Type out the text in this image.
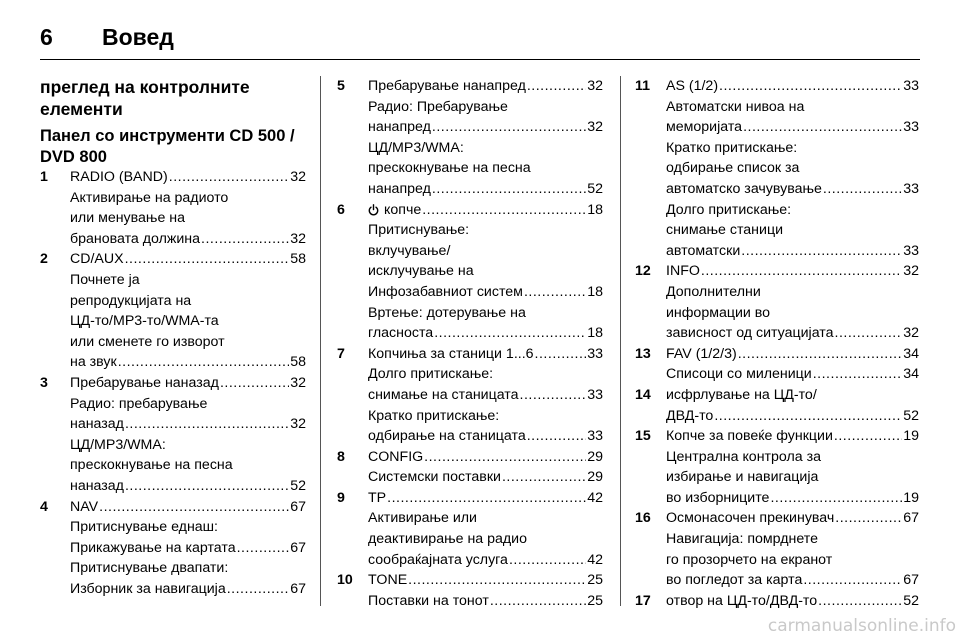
6 Вовед
преглед на контролните
елементи
Панел со инструменти CD 500 /
DVD 800
1	RADIO (BAND) .....	32
Активирање на радиото
или менување на
брановата должина .....	32
2	CD/AUX .....	58
Почнете ја
репродукцијата на
ЦД-то/MP3-то/WMA-та
или сменете го изворот
на звук .....	58
3	Пребарување наназад .....	32
Радио: пребарување
наназад .....	32
ЦД/MP3/WMA:
прескокнување на песна
наназад .....	52
4	NAV .....	67
Притиснување еднаш:
Прикажување на картата .....	67
Притиснување двапати:
Изборник за навигација .....	67
5	Пребарување нанапред .....	32
Радио: Пребарување
нанапред .....	32
ЦД/MP3/WMA:
прескокнување на песна
нанапред .....	52
6	копче .....	18
Притиснување:
вклучување/
исклучување на
Инфозабавниот систем .....	18
Вртење: дотерување на
гласноста .....	18
7	Копчиња за станици 1...6 .....	33
Долго притискање:
снимање на станицата .....	33
Кратко притискање:
одбирање на станицата .....	33
8	CONFIG .....	29
Системски поставки .....	29
9	TP .....	42
Активирање или
деактивирање на радио
сообраќајната услуга .....	42
10	TONE .....	25
Поставки на тонот .....	25
11	AS (1/2) .....	33
Автоматски нивоа на
меморијата .....	33
Кратко притискање:
одбирање список за
автоматско зачувување .....	33
Долго притискање:
снимање станици
автоматски .....	33
12	INFO .....	32
Дополнителни
информации во
зависност од ситуацијата .....	32
13	FAV (1/2/3) .....	34
Списоци со миленици .....	34
14	исфрлување на ЦД-то/
ДВД-то .....	52
15	Копче за повеќе функции .....	19
Централна контрола за
избирање и навигација
во изборниците .....	19
16	Осмонасочен прекинувач .....	67
Навигација: помрднете
го прозорчето на екранот
во погледот за карта .....	67
17	отвор на ЦД-то/ДВД-то .....	52
carmanualsonline.info
